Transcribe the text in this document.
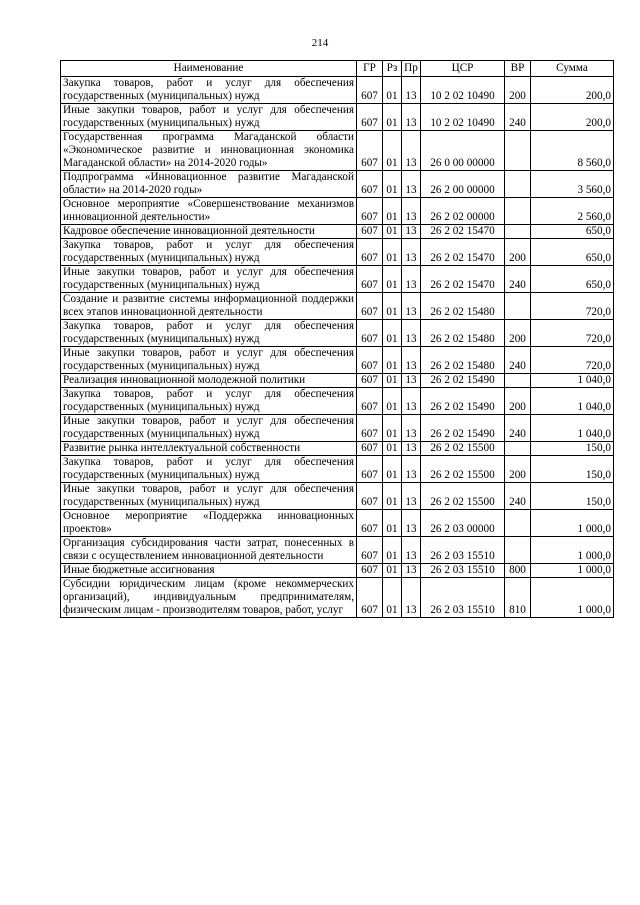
214
Наименование	ГР	Рз	Пр	ЦСР	ВР	Сумма
Закупка товаров, работ и услуг для обеспечения государственных (муниципальных) нужд	607	01	13	10 2 02 10490	200	200,0
Иные закупки товаров, работ и услуг для обеспечения государственных (муниципальных) нужд	607	01	13	10 2 02 10490	240	200,0
Государственная программа Магаданской области «Экономическое развитие и инновационная экономика Магаданской области» на 2014-2020 годы»	607	01	13	26 0 00 00000		8 560,0
Подпрограмма «Инновационное развитие Магаданской области» на 2014-2020 годы»	607	01	13	26 2 00 00000		3 560,0
Основное мероприятие «Совершенствование механизмов инновационной деятельности»	607	01	13	26 2 02 00000		2 560,0
Кадровое обеспечение инновационной деятельности	607	01	13	26 2 02 15470		650,0
Закупка товаров, работ и услуг для обеспечения государственных (муниципальных) нужд	607	01	13	26 2 02 15470	200	650,0
Иные закупки товаров, работ и услуг для обеспечения государственных (муниципальных) нужд	607	01	13	26 2 02 15470	240	650,0
Создание и развитие системы информационной поддержки всех этапов инновационной деятельности	607	01	13	26 2 02 15480		720,0
Закупка товаров, работ и услуг для обеспечения государственных (муниципальных) нужд	607	01	13	26 2 02 15480	200	720,0
Иные закупки товаров, работ и услуг для обеспечения государственных (муниципальных) нужд	607	01	13	26 2 02 15480	240	720,0
Реализация инновационной молодежной политики	607	01	13	26 2 02 15490		1 040,0
Закупка товаров, работ и услуг для обеспечения государственных (муниципальных) нужд	607	01	13	26 2 02 15490	200	1 040,0
Иные закупки товаров, работ и услуг для обеспечения государственных (муниципальных) нужд	607	01	13	26 2 02 15490	240	1 040,0
Развитие рынка интеллектуальной собственности	607	01	13	26 2 02 15500		150,0
Закупка товаров, работ и услуг для обеспечения государственных (муниципальных) нужд	607	01	13	26 2 02 15500	200	150,0
Иные закупки товаров, работ и услуг для обеспечения государственных (муниципальных) нужд	607	01	13	26 2 02 15500	240	150,0
Основное мероприятие «Поддержка инновационных проектов»	607	01	13	26 2 03 00000		1 000,0
Организация субсидирования части затрат, понесенных в связи с осуществлением инновационной деятельности	607	01	13	26 2 03 15510		1 000,0
Иные бюджетные ассигнования	607	01	13	26 2 03 15510	800	1 000,0
Субсидии юридическим лицам (кроме некоммерческих организаций), индивидуальным предпринимателям, физическим лицам - производителям товаров, работ, услуг	607	01	13	26 2 03 15510	810	1 000,0
